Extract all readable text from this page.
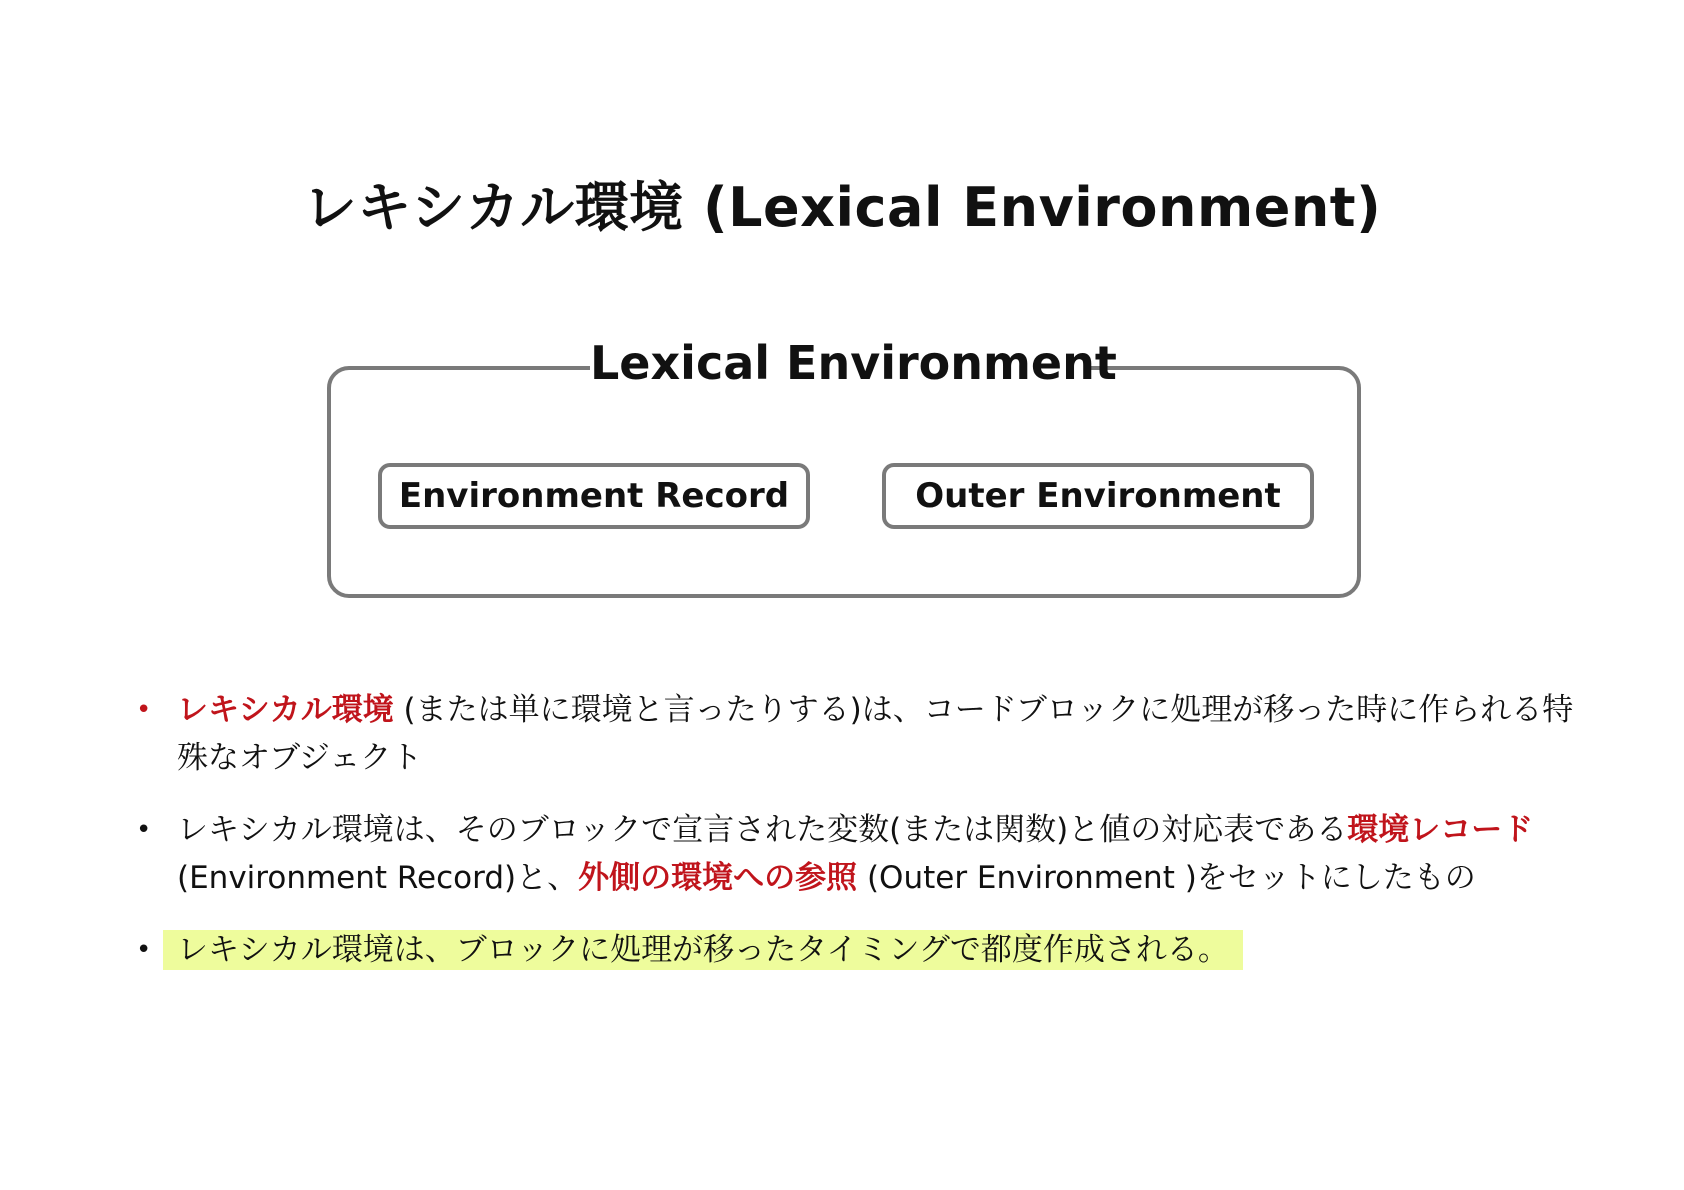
レキシカル環境 (Lexical Environment)
Lexical Environment
Environment Record	Outer Environment
• レキシカル環境 (または単に環境と言ったりする)は、コードブロックに処理が移った時に作られる特殊なオブジェクト
• レキシカル環境は、そのブロックで宣言された変数(または関数)と値の対応表である環境レコード
(Environment Record)と、外側の環境への参照 (Outer Environment )をセットにしたもの
• レキシカル環境は、ブロックに処理が移ったタイミングで都度作成される。
